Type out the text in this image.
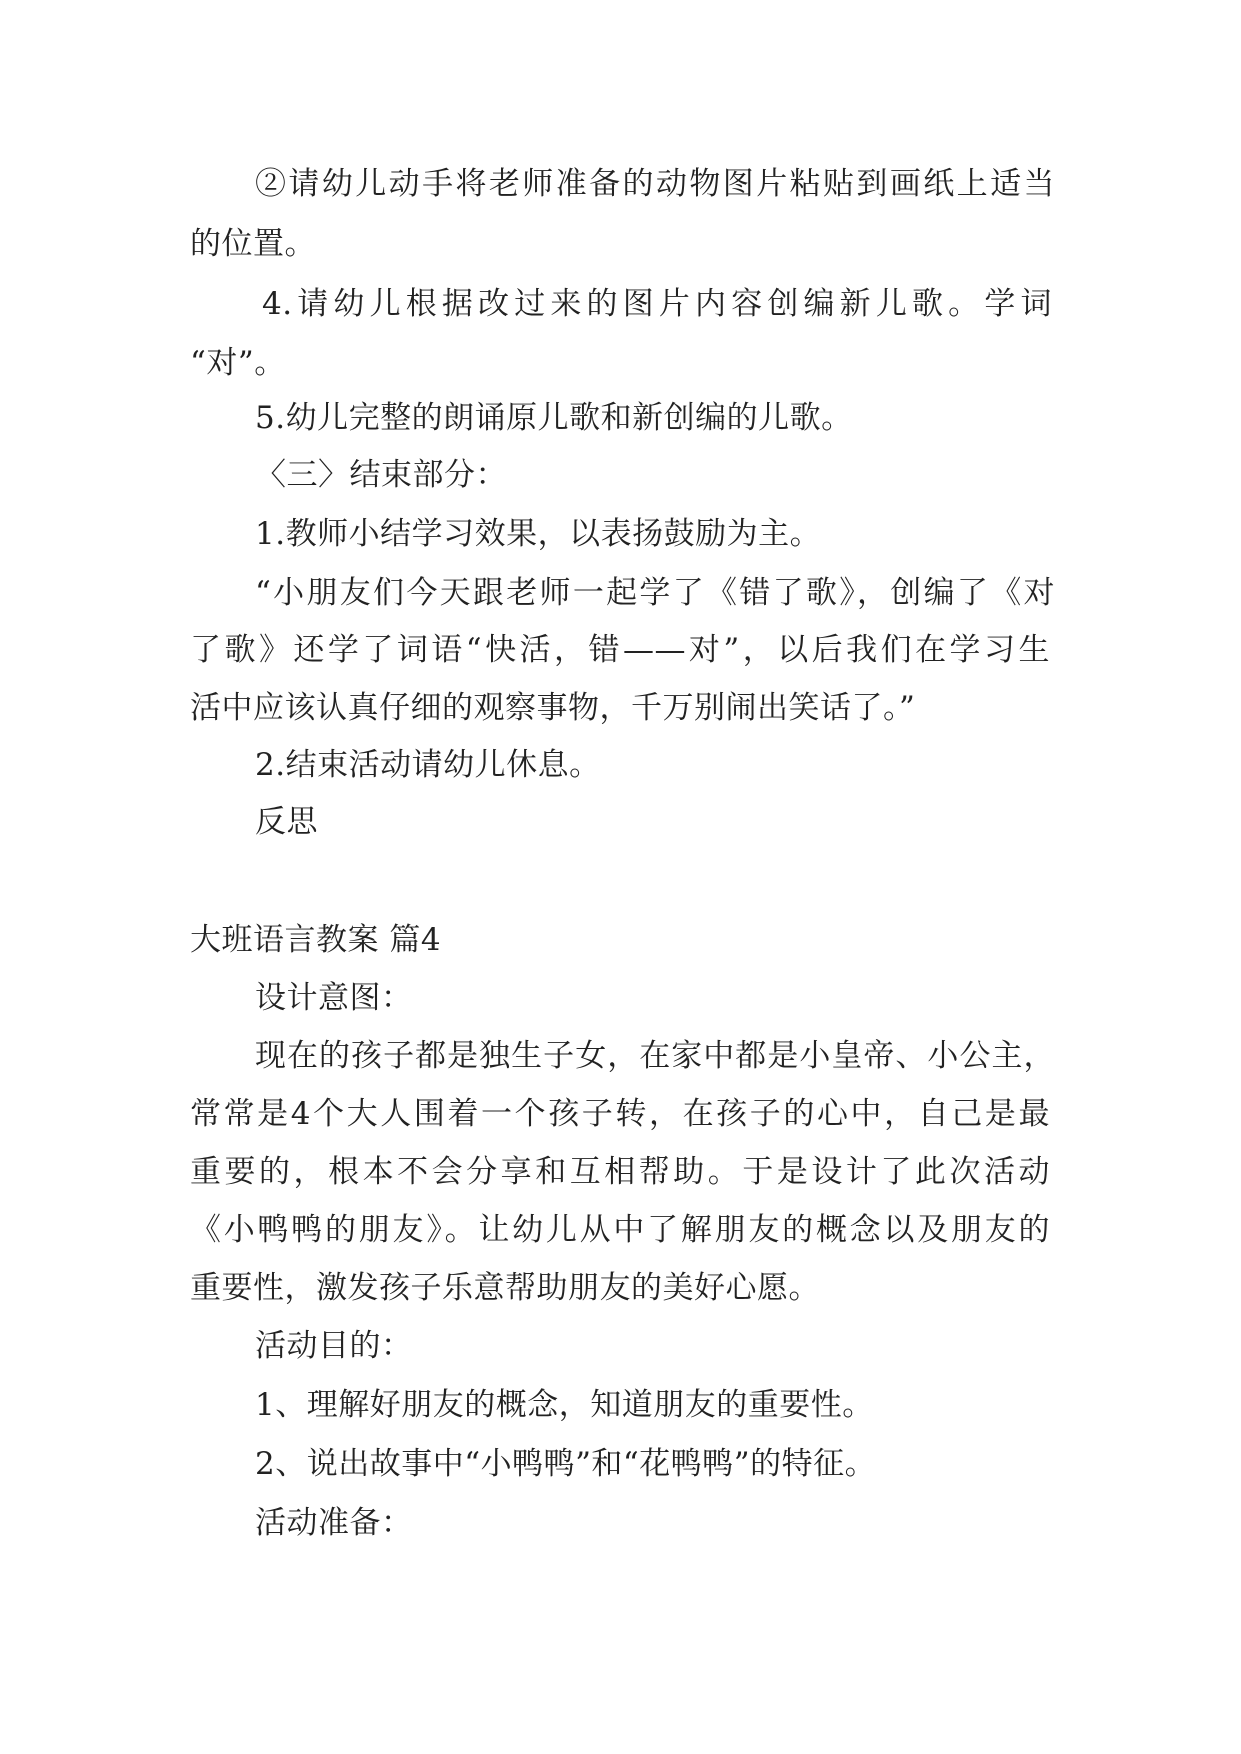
②请幼儿动手将老师准备的动物图片粘贴到画纸上适当
的位置。
4.请幼儿根据改过来的图片内容创编新儿歌。学词
“对”。
5.幼儿完整的朗诵原儿歌和新创编的儿歌。
〈三〉结束部分：
1.教师小结学习效果，以表扬鼓励为主。
“小朋友们今天跟老师一起学了《错了歌》，创编了《对
了歌》还学了词语“快活，错——对”，以后我们在学习生
活中应该认真仔细的观察事物，千万别闹出笑话了。”
2.结束活动请幼儿休息。
反思
大班语言教案 篇4
设计意图：
现在的孩子都是独生子女，在家中都是小皇帝、小公主，
常常是4个大人围着一个孩子转，在孩子的心中，自己是最
重要的，根本不会分享和互相帮助。于是设计了此次活动
《小鸭鸭的朋友》。让幼儿从中了解朋友的概念以及朋友的
重要性，激发孩子乐意帮助朋友的美好心愿。
活动目的：
1、理解好朋友的概念，知道朋友的重要性。
2、说出故事中“小鸭鸭”和“花鸭鸭”的特征。
活动准备：
